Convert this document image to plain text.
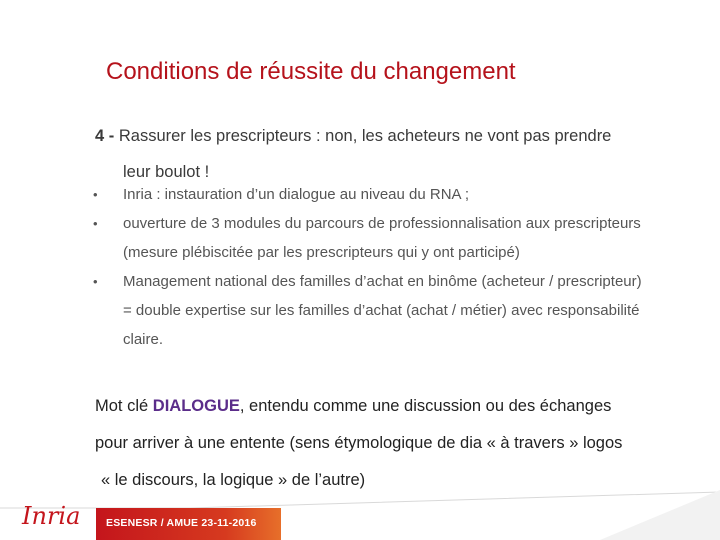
Conditions de réussite du changement
4 - Rassurer les prescripteurs : non, les acheteurs ne vont pas prendre
leur boulot !
• Inria : instauration d’un dialogue au niveau du RNA ;
• ouverture de 3 modules du parcours de professionnalisation aux prescripteurs
(mesure plébiscitée par les prescripteurs qui y ont participé)
• Management national des familles d’achat en binôme (acheteur / prescripteur)
= double expertise sur les familles d’achat (achat / métier) avec responsabilité
claire.
Mot clé DIALOGUE, entendu comme une discussion ou des échanges
pour arriver à une entente (sens étymologique de dia « à travers » logos
« le discours, la logique » de l’autre)
Inria ESENESR / AMUE 23-11-2016
